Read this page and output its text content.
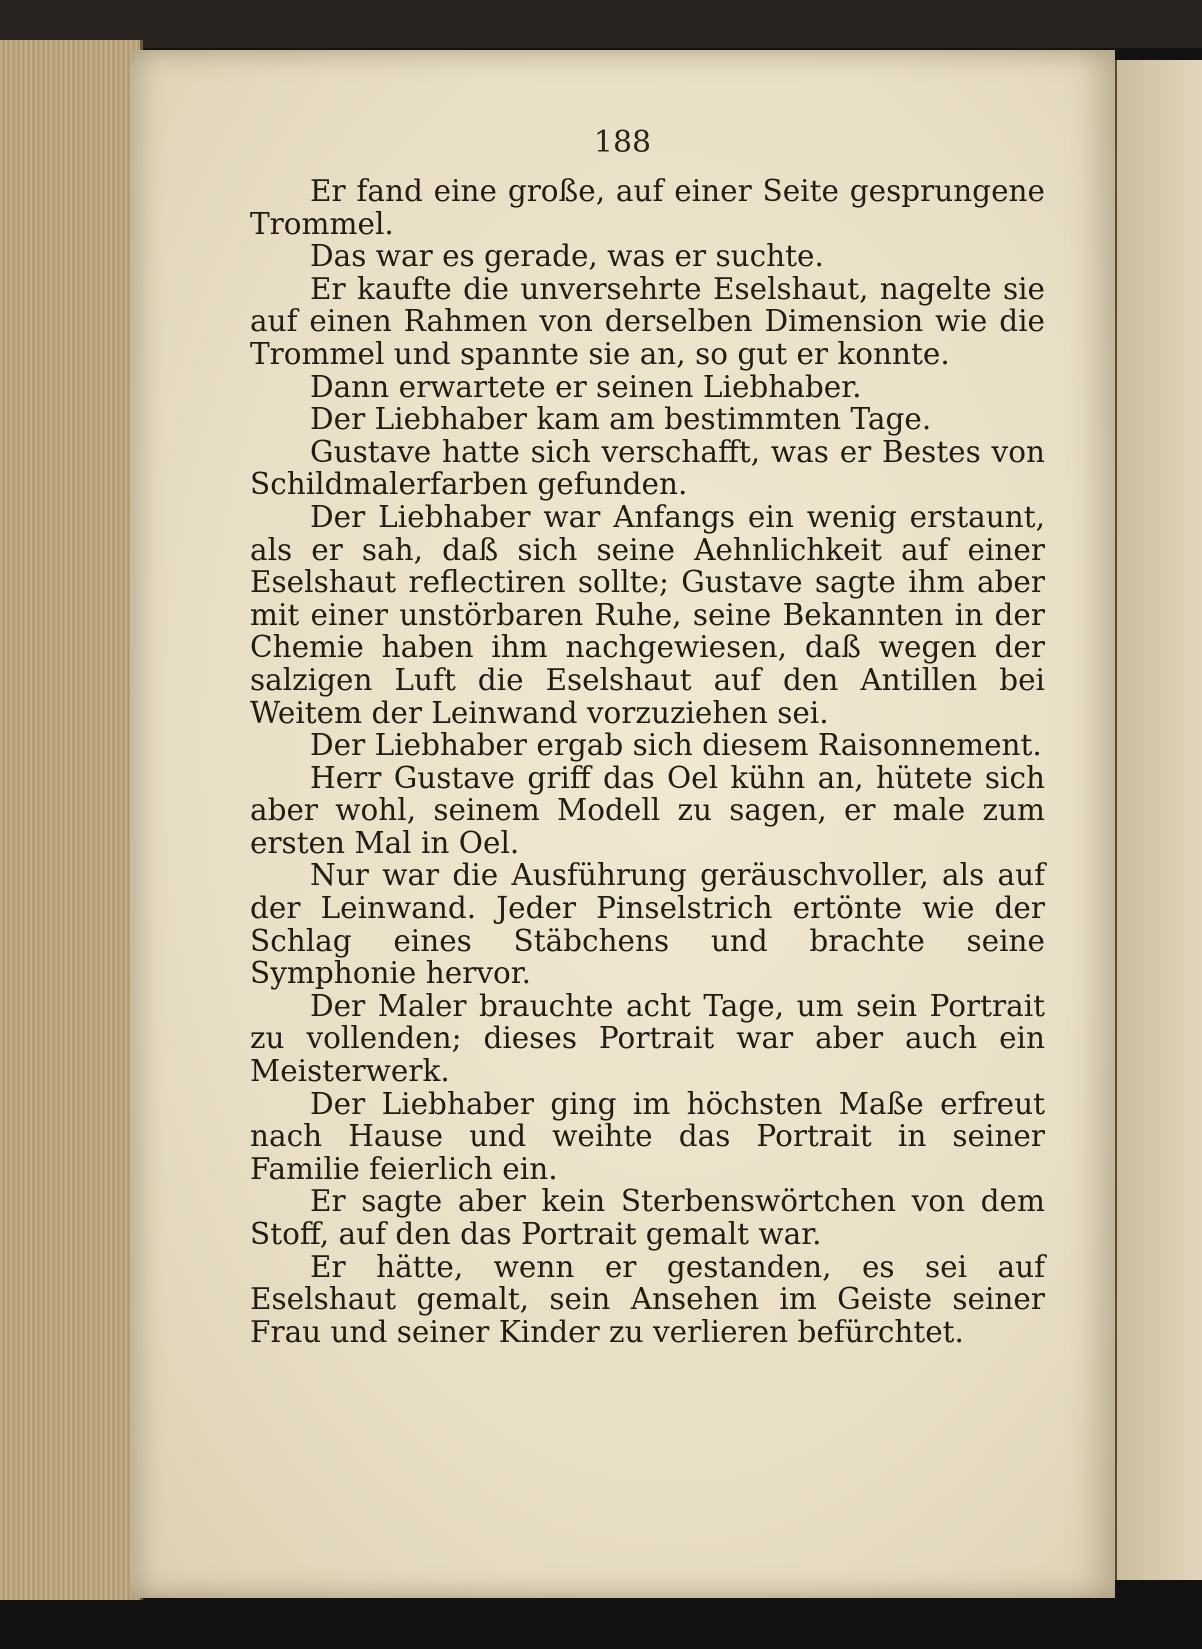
188

Er fand eine große, auf einer Seite gesprungene Trommel.

Das war es gerade, was er suchte.

Er kaufte die unversehrte Eselshaut, nagelte sie auf einen Rahmen von derselben Dimension wie die Trommel und spannte sie an, so gut er konnte.

Dann erwartete er seinen Liebhaber.

Der Liebhaber kam am bestimmten Tage.

Gustave hatte sich verschafft, was er Bestes von Schildmalerfarben gefunden.

Der Liebhaber war Anfangs ein wenig erstaunt, als er sah, daß sich seine Aehnlichkeit auf einer Eselshaut reflectiren sollte; Gustave sagte ihm aber mit einer unstörbaren Ruhe, seine Bekannten in der Chemie haben ihm nachgewiesen, daß wegen der salzigen Luft die Eselshaut auf den Antillen bei Weitem der Leinwand vorzuziehen sei.

Der Liebhaber ergab sich diesem Raisonnement.

Herr Gustave griff das Oel kühn an, hütete sich aber wohl, seinem Modell zu sagen, er male zum ersten Mal in Oel.

Nur war die Ausführung geräuschvoller, als auf der Leinwand. Jeder Pinselstrich ertönte wie der Schlag eines Stäbchens und brachte seine Symphonie hervor.

Der Maler brauchte acht Tage, um sein Portrait zu vollenden; dieses Portrait war aber auch ein Meisterwerk.

Der Liebhaber ging im höchsten Maße erfreut nach Hause und weihte das Portrait in seiner Familie feierlich ein.

Er sagte aber kein Sterbenswörtchen von dem Stoff, auf den das Portrait gemalt war.

Er hätte, wenn er gestanden, es sei auf Eselshaut gemalt, sein Ansehen im Geiste seiner Frau und seiner Kinder zu verlieren befürchtet.
